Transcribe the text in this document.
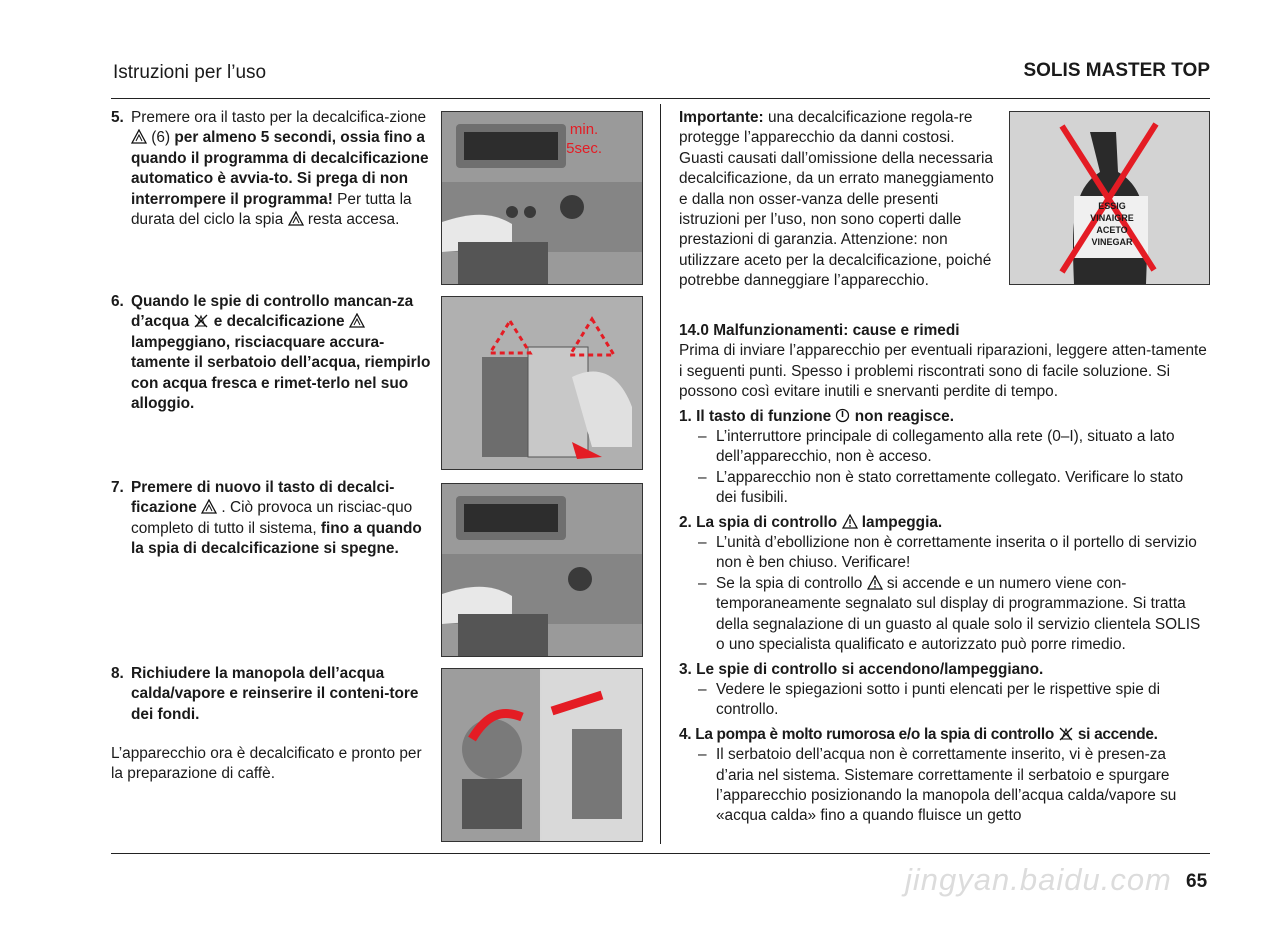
Istruzioni per l’uso	SOLIS MASTER TOP
5. Premere ora il tasto per la decalcifica-zione  (6) per almeno 5 secondi, ossia fino a quando il programma di decalcificazione automatico è avvia-to. Si prega di non interrompere il programma! Per tutta la durata del ciclo la spia resta accesa.
6. Quando le spie di controllo mancan-za d’acqua e decalcificazione  lampeggiano, risciacquare accura-tamente il serbatoio dell’acqua, riempirlo con acqua fresca e rimet-terlo nel suo alloggio.
7. Premere di nuovo il tasto di decalci-ficazione . Ciò provoca un risciac-quo completo di tutto il sistema, fino a quando la spia di decalcificazione si spegne.
8. Richiudere la manopola dell’acqua calda/vapore e reinserire il conteni-tore dei fondi.
L’apparecchio ora è decalcificato e pronto per la preparazione di caffè.
min.
5sec.
ESSIG
VINAIGRE
ACETO
VINEGAR
Importante: una decalcificazione regola-re protegge l’apparecchio da danni costosi. Guasti causati dall’omissione della necessaria decalcificazione, da un errato maneggiamento e dalla non osser-vanza delle presenti istruzioni per l’uso, non sono coperti dalle prestazioni di garanzia. Attenzione: non utilizzare aceto per la decalcificazione, poiché potrebbe danneggiare l’apparecchio.
14.0 Malfunzionamenti: cause e rimedi
Prima di inviare l’apparecchio per eventuali riparazioni, leggere atten-tamente i seguenti punti. Spesso i problemi riscontrati sono di facile soluzione. Si possono così evitare inutili e snervanti perdite di tempo.
1. Il tasto di funzione non reagisce.
– L’interruttore principale di collegamento alla rete (0–I), situato a lato dell’apparecchio, non è acceso.
– L’apparecchio non è stato correttamente collegato. Verificare lo stato dei fusibili.
2. La spia di controllo lampeggia.
– L’unità d’ebollizione non è correttamente inserita o il portello di servizio non è ben chiuso. Verificare!
– Se la spia di controllo si accende e un numero viene con-temporaneamente segnalato sul display di programmazione. Si tratta della segnalazione di un guasto al quale solo il servizio clientela SOLIS o uno specialista qualificato e autorizzato può porre rimedio.
3. Le spie di controllo si accendono/lampeggiano.
– Vedere le spiegazioni sotto i punti elencati per le rispettive spie di controllo.
4. La pompa è molto rumorosa e/o la spia di controllo si accende.
– Il serbatoio dell’acqua non è correttamente inserito, vi è presen-za d’aria nel sistema. Sistemare correttamente il serbatoio e spurgare l’apparecchio posizionando la manopola dell’acqua calda/vapore su «acqua calda» fino a quando fluisce un getto
jingyan.baidu.com 65
